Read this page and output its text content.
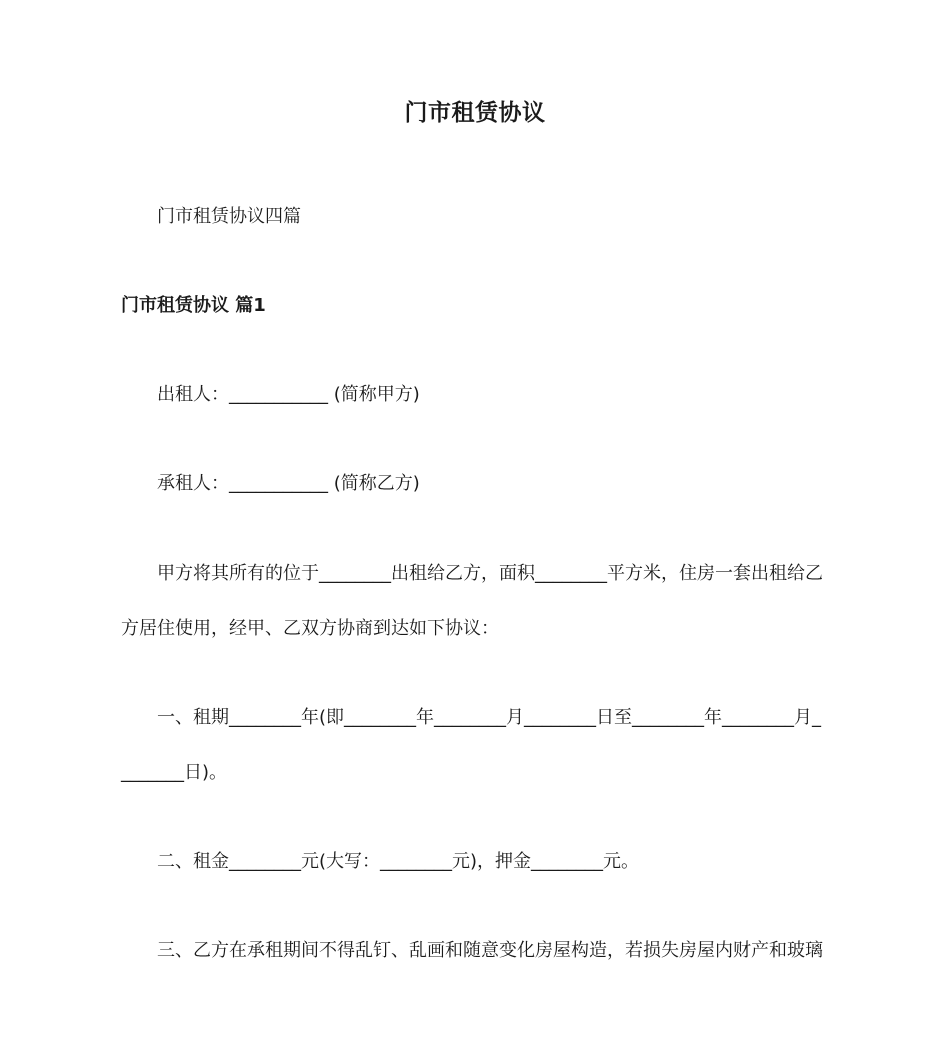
门市租赁协议
门市租赁协议四篇
门市租赁协议 篇1
出租人：___________ (简称甲方)
承租人：___________ (简称乙方)
甲方将其所有的位于________出租给乙方，面积________平方米，住房一套出租给乙
方居住使用，经甲、乙双方协商到达如下协议：
一、租期________年(即________年________月________日至________年________月_
_______日)。
二、租金________元(大写：________元)，押金________元。
三、乙方在承租期间不得乱钉、乱画和随意变化房屋构造，若损失房屋内财产和玻璃
